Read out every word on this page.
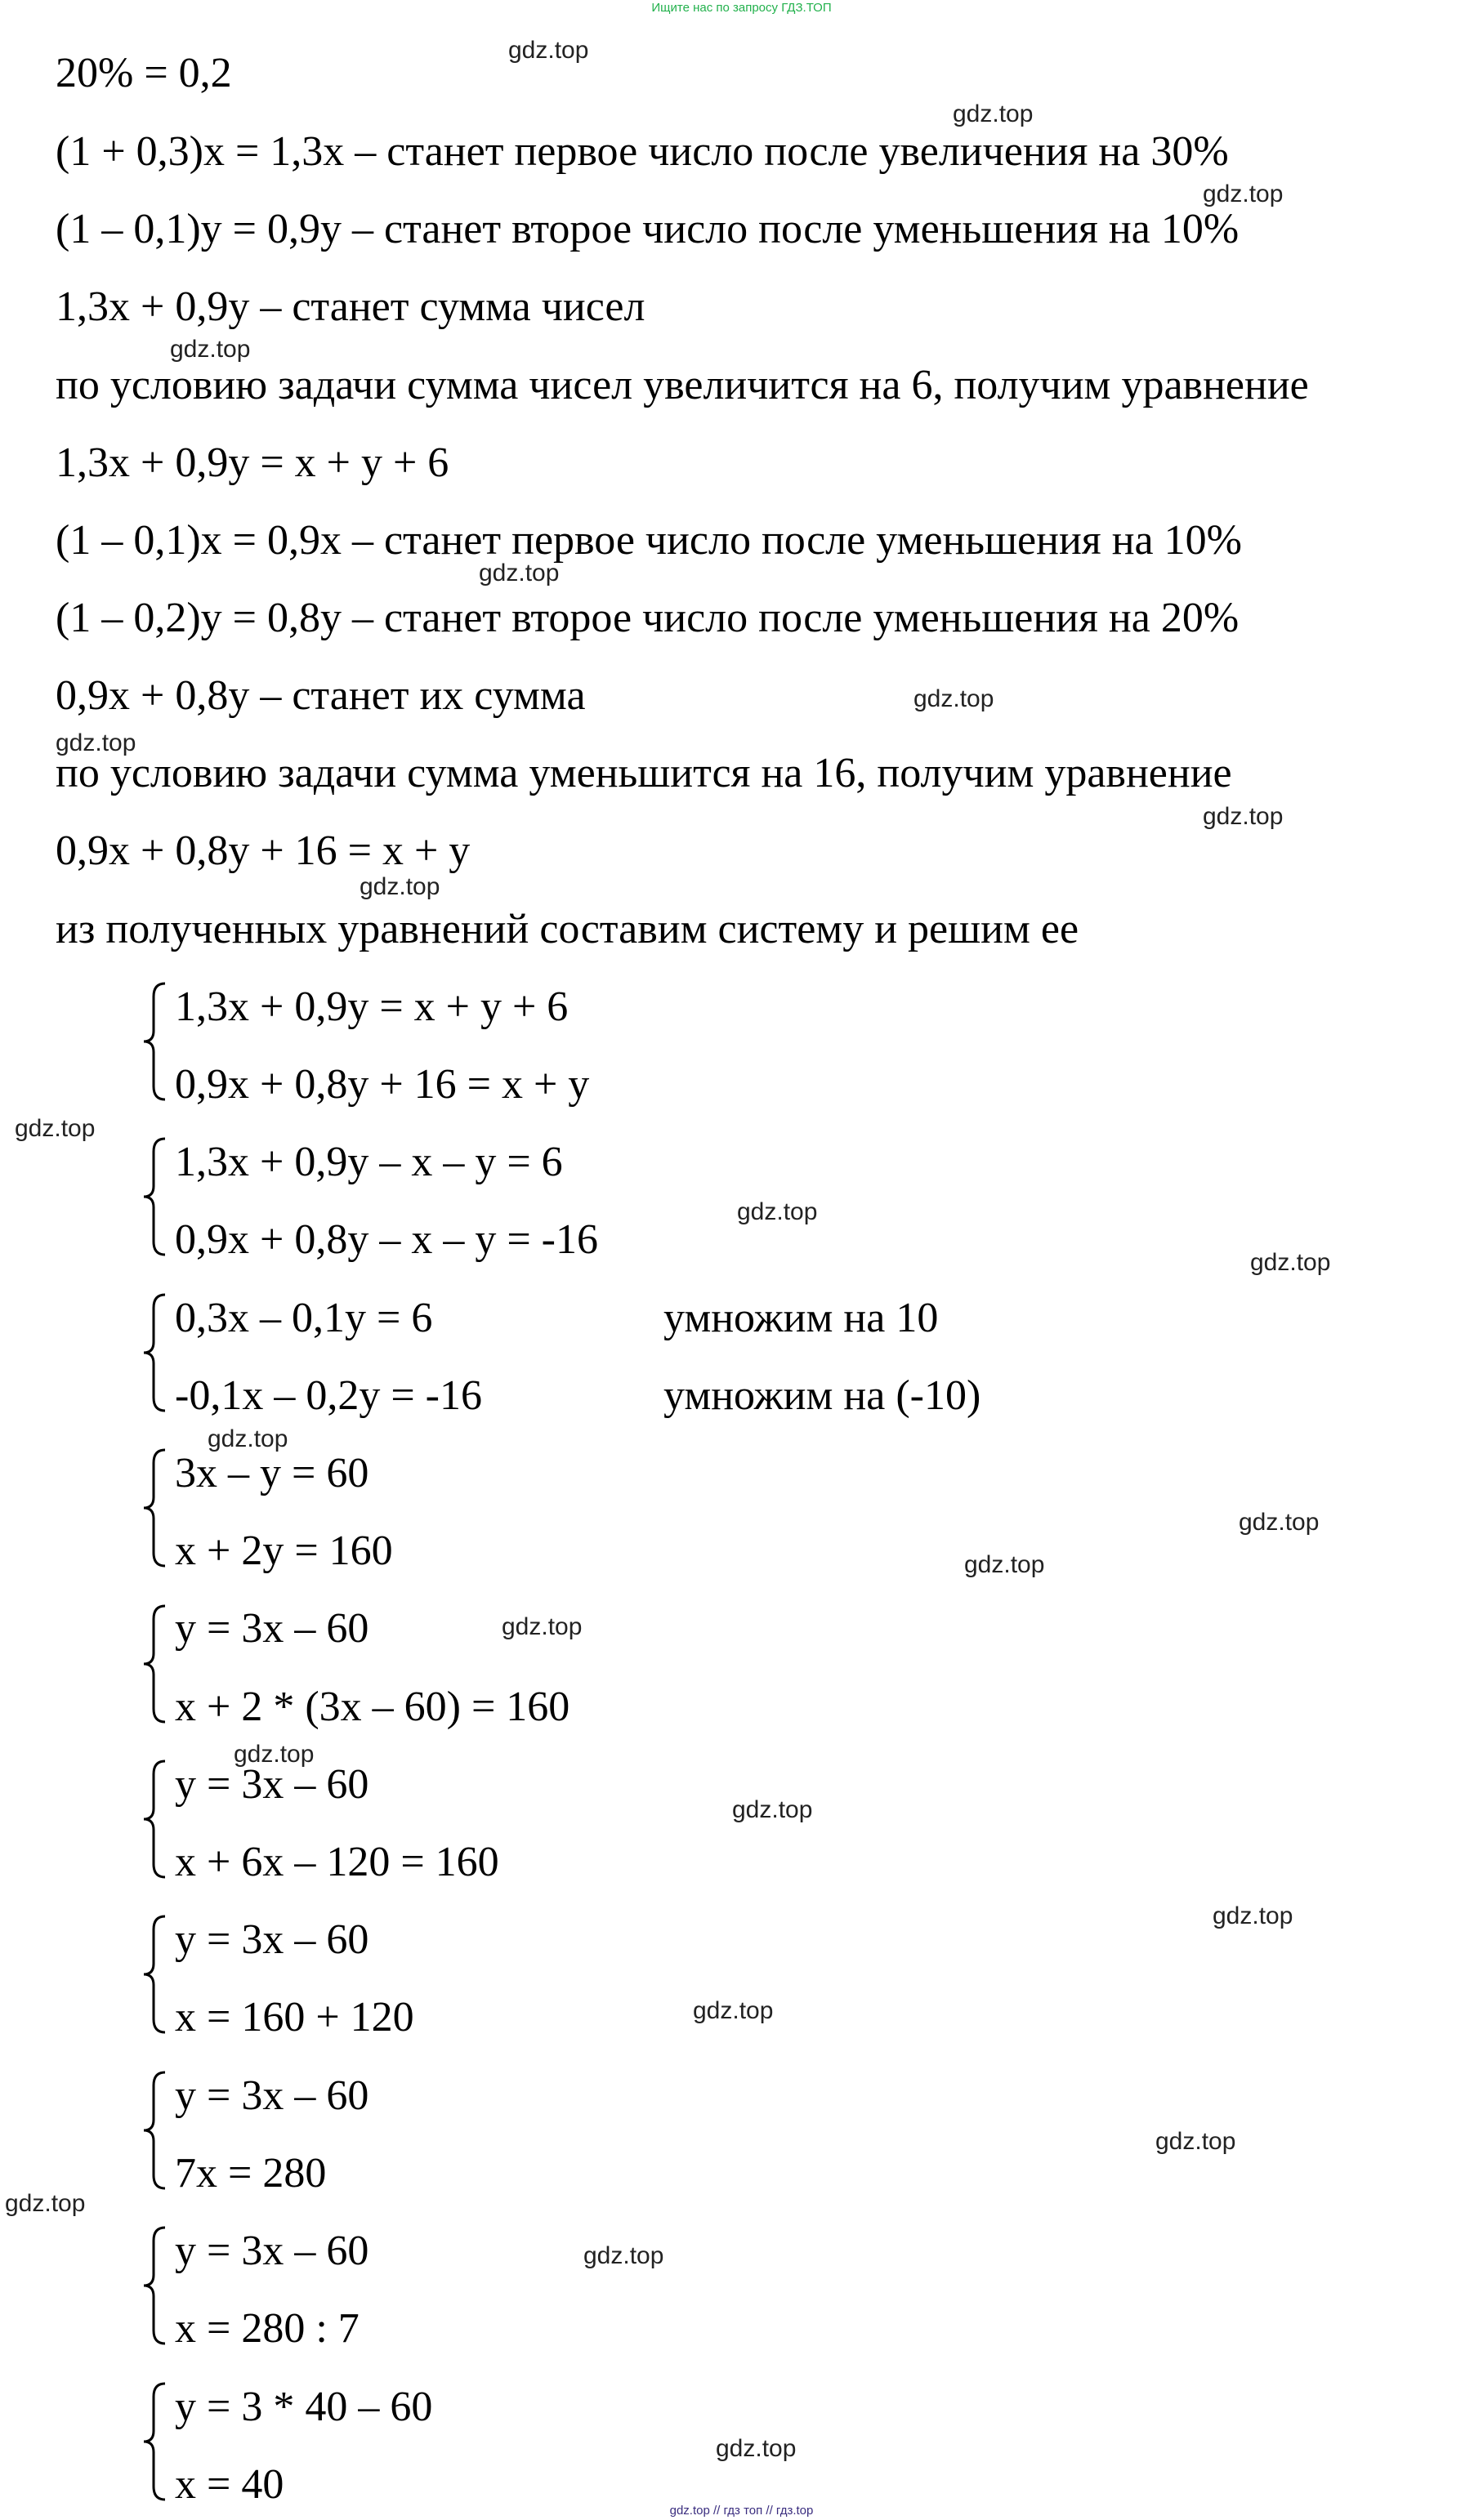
Ищите нас по запросу ГДЗ.ТОП
20% = 0,2
(1 + 0,3)x = 1,3x – станет первое число после увеличения на 30%
(1 – 0,1)y = 0,9y – станет второе число после уменьшения на 10%
1,3x + 0,9y – станет сумма чисел
по условию задачи сумма чисел увеличится на 6, получим уравнение
1,3x + 0,9y = x + y + 6
(1 – 0,1)x = 0,9x – станет первое число после уменьшения на 10%
(1 – 0,2)y = 0,8y – станет второе число после уменьшения на 20%
0,9x + 0,8y – станет их сумма
по условию задачи сумма уменьшится на 16, получим уравнение
0,9x + 0,8y + 16 = x + y
из полученных уравнений составим систему и решим ее
1,3x + 0,9y = x + y + 6
0,9x + 0,8y + 16 = x + y
1,3x + 0,9y – x – y = 6
0,9x + 0,8y – x – y = -16
0,3x – 0,1y = 6
-0,1x – 0,2y = -16
умножим на 10
умножим на (-10)
3x – y = 60
x + 2y = 160
y = 3x – 60
x + 2 * (3x – 60) = 160
y = 3x – 60
x + 6x – 120 = 160
y = 3x – 60
x = 160 + 120
y = 3x – 60
7x = 280
y = 3x – 60
x = 280 : 7
y = 3 * 40 – 60
x = 40
gdz.top
gdz.top
gdz.top
gdz.top
gdz.top
gdz.top
gdz.top
gdz.top
gdz.top
gdz.top
gdz.top
gdz.top
gdz.top
gdz.top
gdz.top
gdz.top
gdz.top
gdz.top
gdz.top
gdz.top
gdz.top
gdz.top
gdz.top
gdz.top
gdz.top // гдз топ // гдз.top
